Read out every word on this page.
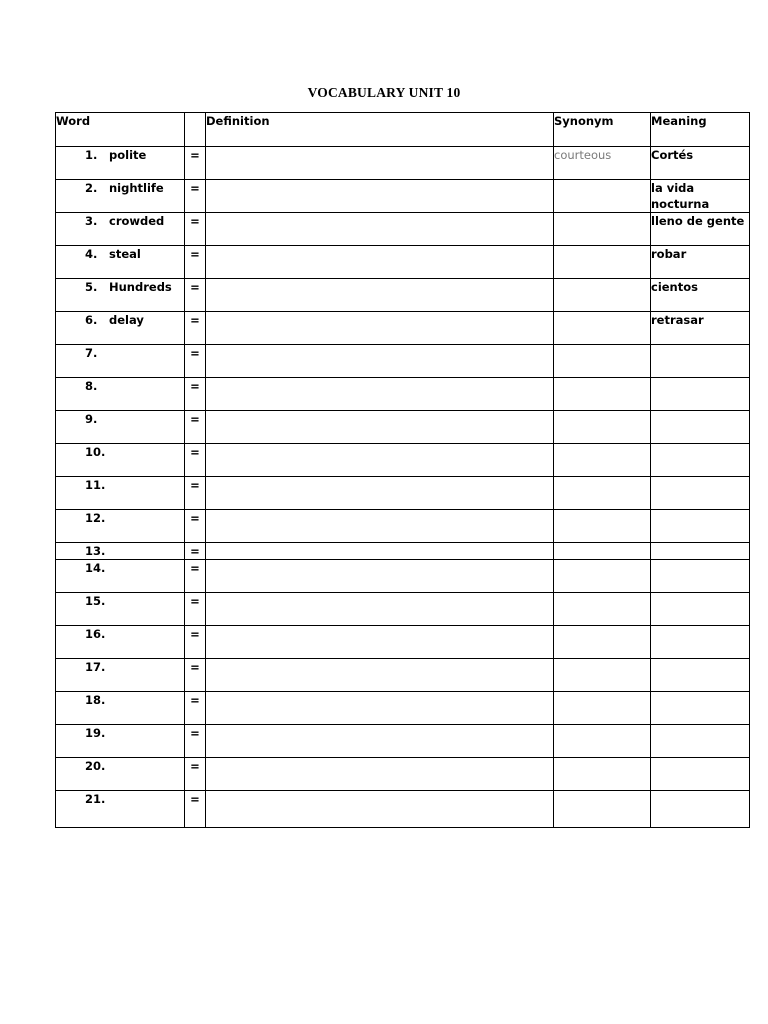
VOCABULARY UNIT 10
Word		Definition	Synonym	Meaning

1. polite	=		courteous	Cortés

2. nightlife	=			la vida nocturna

3. crowded	=			lleno de gente

4. steal	=			robar

5. Hundreds	=			cientos

6. delay	=			retrasar

7.	=			

8.	=			

9.	=			

10.	=			

11.	=			

12.	=			

13.	=			

14.	=			

15.	=			

16.	=			

17.	=			

18.	=			

19.	=			

20.	=			

21.	=			
